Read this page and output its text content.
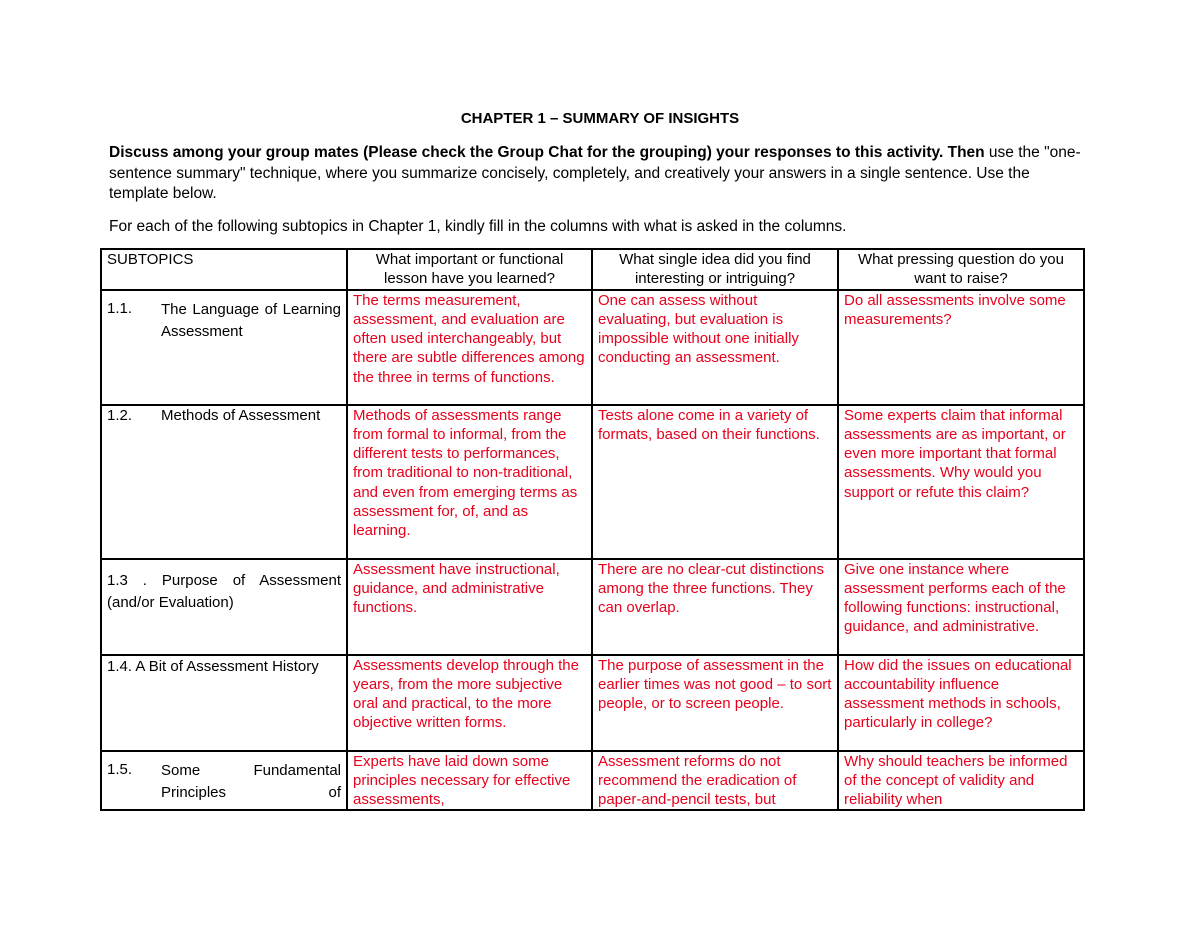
CHAPTER 1 – SUMMARY OF INSIGHTS
Discuss among your group mates (Please check the Group Chat for the grouping) your responses to this activity. Then use the "one-sentence summary" technique, where you summarize concisely, completely, and creatively your answers in a single sentence. Use the template below.
For each of the following subtopics in Chapter 1, kindly fill in the columns with what is asked in the columns.
SUBTOPICS	What important or functional lesson have you learned?	What single idea did you find interesting or intriguing?	What pressing question do you want to raise?

1.1. The Language of Learning Assessment	The terms measurement, assessment, and evaluation are often used interchangeably, but there are subtle differences among the three in terms of functions.	One can assess without evaluating, but evaluation is impossible without one initially conducting an assessment.	Do all assessments involve some measurements?

1.2. Methods of Assessment	Methods of assessments range from formal to informal, from the different tests to performances, from traditional to non-traditional, and even from emerging terms as assessment for, of, and as learning.	Tests alone come in a variety of formats, based on their functions.	Some experts claim that informal assessments are as important, or even more important that formal assessments. Why would you support or refute this claim?

1.3 . Purpose of Assessment (and/or Evaluation)	Assessment have instructional, guidance, and administrative functions.	There are no clear-cut distinctions among the three functions. They can overlap.	Give one instance where assessment performs each of the following functions: instructional, guidance, and administrative.
1.4. A Bit of Assessment History	Assessments develop through the years, from the more subjective oral and practical, to the more objective written forms.	The purpose of assessment in the earlier times was not good – to sort people, or to screen people.	How did the issues on educational accountability influence assessment methods in schools, particularly in college?

1.5. Some Fundamental Principles of	Experts have laid down some principles necessary for effective assessments,	Assessment reforms do not recommend the eradication of paper-and-pencil tests, but	Why should teachers be informed of the concept of validity and reliability when
